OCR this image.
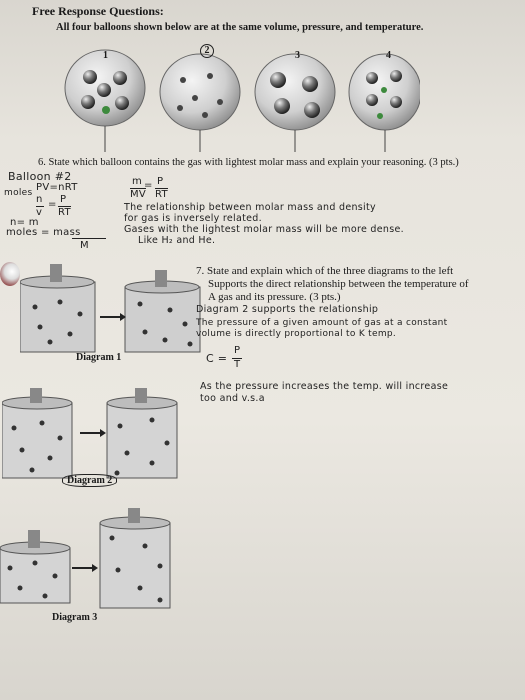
Free Response Questions:
All four balloons shown below are at the same volume, pressure, and temperature.
1	2	3	4
6. State which balloon contains the gas with lightest molar mass and explain your reasoning. (3 pts.)
Balloon #2
PV=nRT
moles
n
v
= P
RT
n= m
moles = mass
M
m = P
MV RT
The relationship between molar mass and density
for gas is inversely related.
Gases with the lightest molar mass will be more dense.
Like H₂ and He.
Diagram 1
Diagram 2
Diagram 3
7. State and explain which of the three diagrams to the left
Supports the direct relationship between the temperature of
A gas and its pressure. (3 pts.)
Diagram 2 supports the relationship
The pressure of a given amount of gas at a constant
volume is directly proportional to K temp.
C =
P
T
As the pressure increases the temp. will increase
too and v.s.a
